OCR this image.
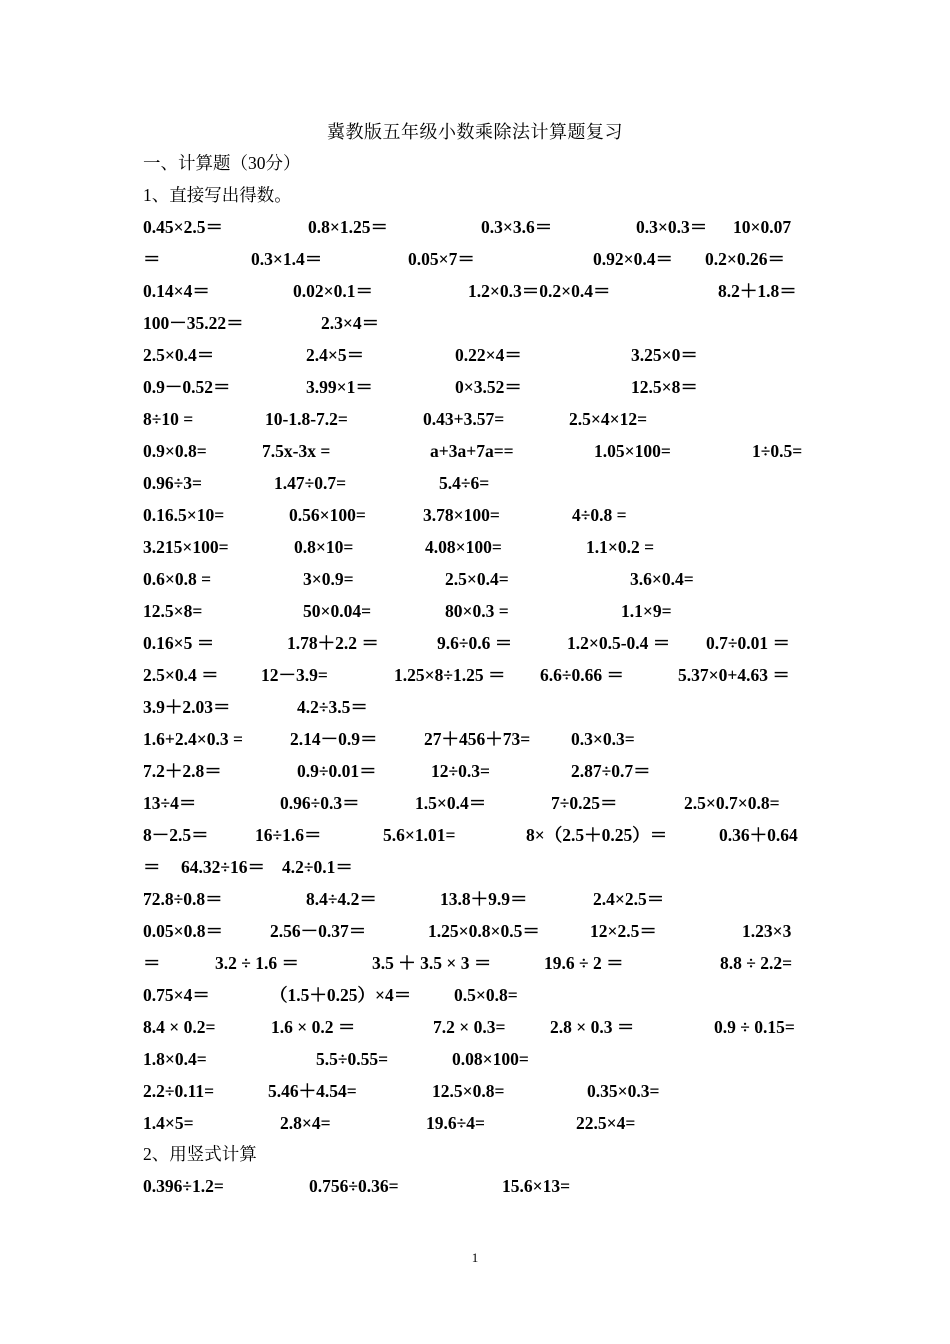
冀教版五年级小数乘除法计算题复习
一、计算题（30分）
1、直接写出得数。
0.45×2.5＝	0.8×1.25＝	0.3×3.6＝	0.3×0.3＝ 10×0.07
＝	0.3×1.4＝	0.05×7＝	0.92×0.4＝ 0.2×0.26＝
0.14×4＝	0.02×0.1＝	1.2×0.3＝0.2×0.4＝	8.2＋1.8＝
100－35.22＝	2.3×4＝
2.5×0.4＝	2.4×5＝	0.22×4＝	3.25×0＝
0.9－0.52＝	3.99×1＝	0×3.52＝	12.5×8＝
8÷10 =	10-1.8-7.2=	0.43+3.57=	2.5×4×12=
0.9×0.8=	7.5x-3x =	a+3a+7a==	1.05×100=	1÷0.5=
0.96÷3=	1.47÷0.7=	5.4÷6=
0.16.5×10=	0.56×100=	3.78×100=	4÷0.8 =
3.215×100=	0.8×10=	4.08×100=	1.1×0.2 =
0.6×0.8 =	3×0.9=	2.5×0.4=	3.6×0.4=
12.5×8=	50×0.04=	80×0.3 =	1.1×9=
0.16×5 ＝	1.78＋2.2 ＝	9.6÷0.6 ＝	1.2×0.5-0.4 ＝ 0.7÷0.01 ＝
2.5×0.4 ＝ 12－3.9=	1.25×8÷1.25 ＝ 6.6÷0.66 ＝	5.37×0+4.63 ＝
3.9＋2.03＝	4.2÷3.5＝
1.6+2.4×0.3 =	2.14－0.9＝	27＋456＋73= 0.3×0.3=
7.2＋2.8＝	0.9÷0.01＝	12÷0.3=	2.87÷0.7＝
13÷4＝	0.96÷0.3＝	1.5×0.4＝	7÷0.25＝	2.5×0.7×0.8=
8－2.5＝	16÷1.6＝	5.6×1.01=	8×（2.5＋0.25）＝	0.36＋0.64
＝ 64.32÷16＝ 4.2÷0.1＝
72.8÷0.8＝	8.4÷4.2＝	13.8＋9.9＝	2.4×2.5＝
0.05×0.8＝	2.56－0.37＝	1.25×0.8×0.5＝	12×2.5＝	1.23×3
＝	3.2 ÷ 1.6 ＝	3.5 ＋ 3.5 × 3 ＝	19.6 ÷ 2 ＝	8.8 ÷ 2.2=
0.75×4＝	（1.5＋0.25）×4＝ 0.5×0.8=
8.4 × 0.2=	1.6 × 0.2 ＝	7.2 × 0.3=	2.8 × 0.3 ＝	0.9 ÷ 0.15=
1.8×0.4=	5.5÷0.55=	0.08×100=
2.2÷0.11=	5.46＋4.54=	12.5×0.8=	0.35×0.3=
1.4×5=	2.8×4=	19.6÷4=	22.5×4=
2、用竖式计算
0.396÷1.2=	0.756÷0.36=	15.6×13=
1
